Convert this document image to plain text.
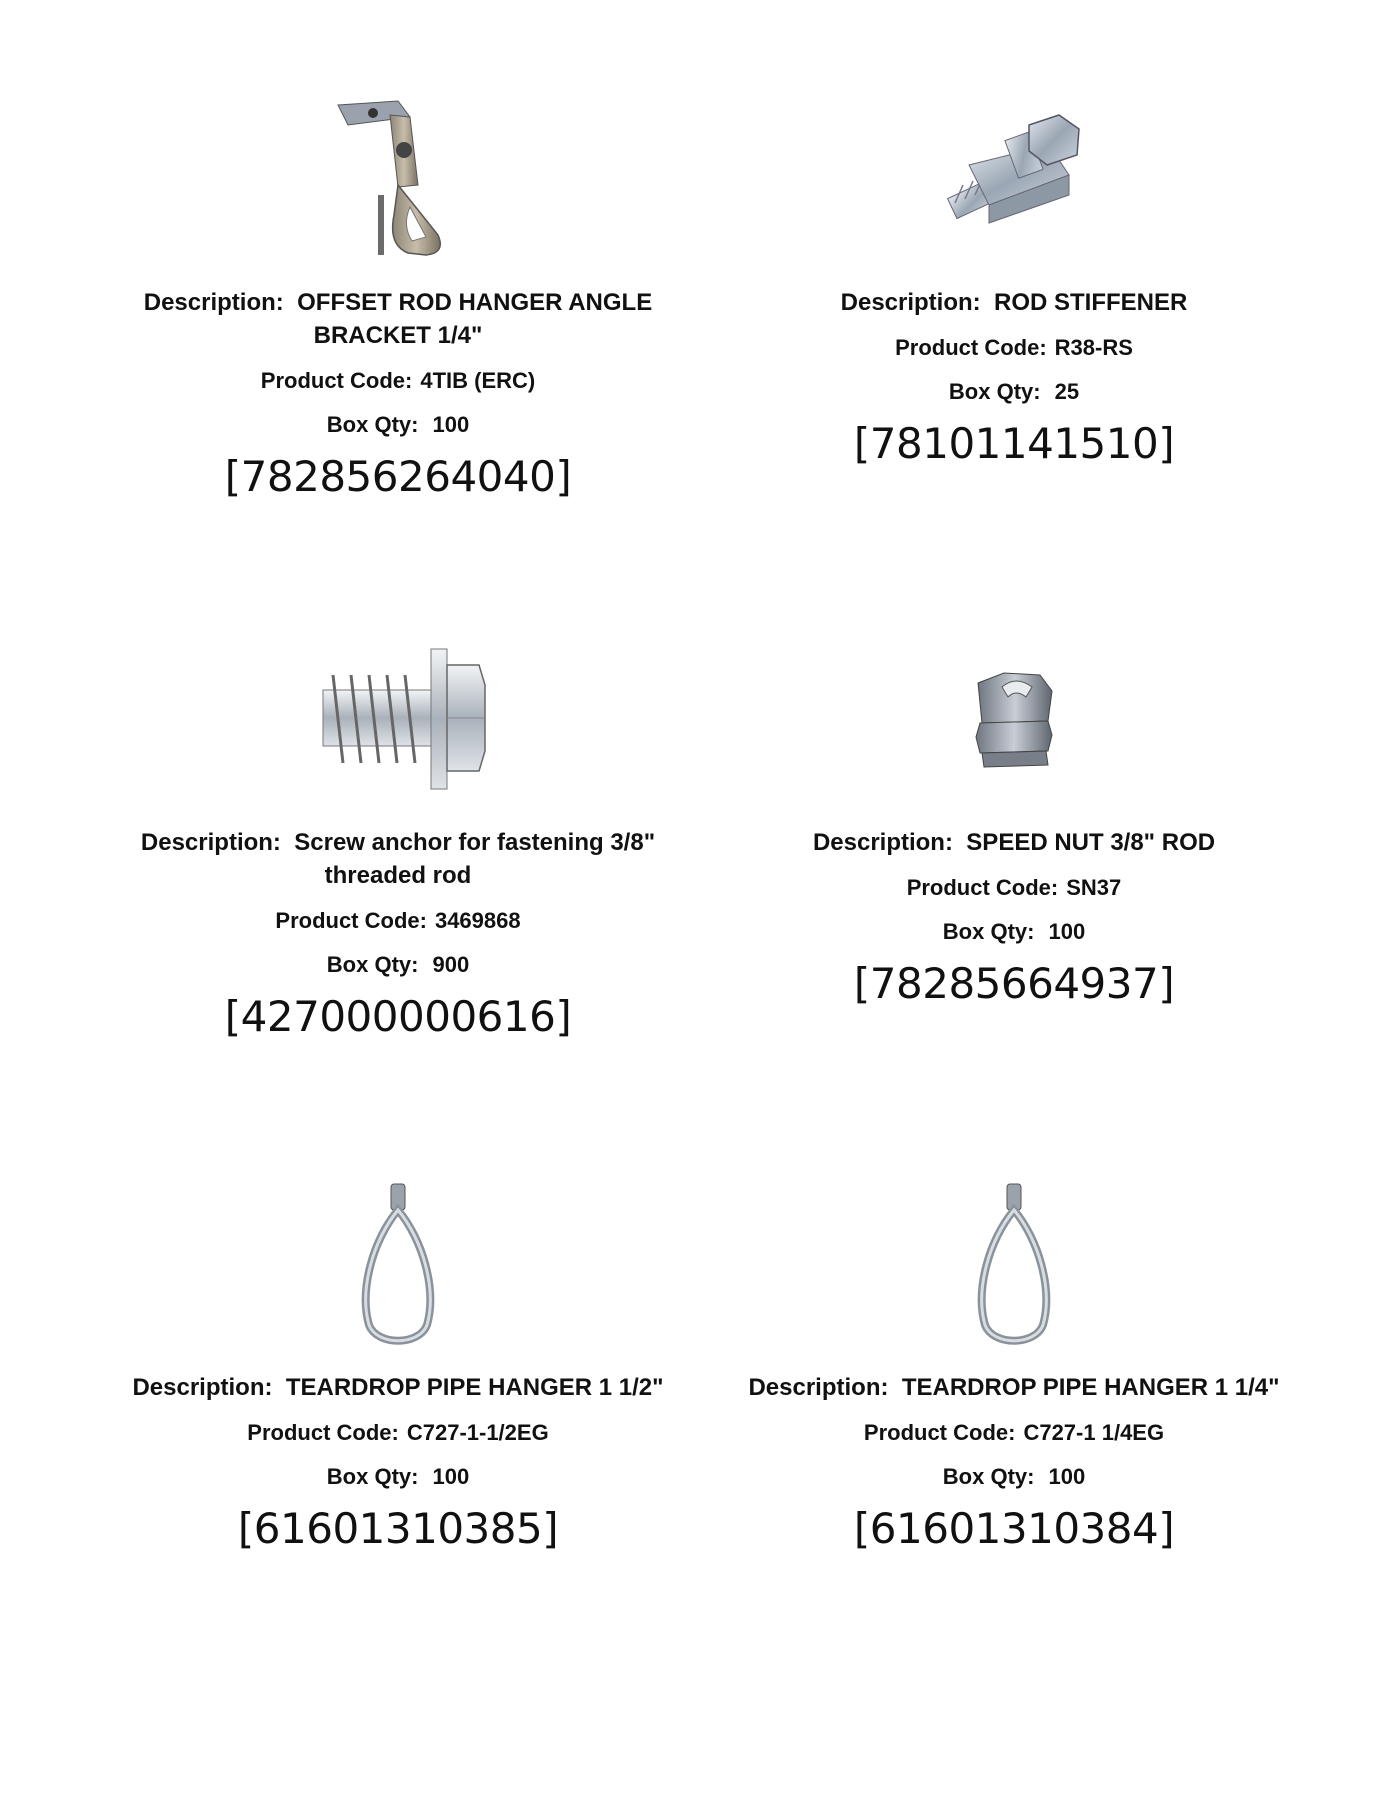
Description: OFFSET ROD HANGER ANGLE BRACKET 1/4"
Product Code: 4TIB (ERC)
Box Qty: 100
[782856264040]
Description: ROD STIFFENER
Product Code: R38-RS
Box Qty: 25
[78101141510]
Description: Screw anchor for fastening 3/8" threaded rod
Product Code: 3469868
Box Qty: 900
[427000000616]
Description: SPEED NUT 3/8" ROD
Product Code: SN37
Box Qty: 100
[78285664937]
Description: TEARDROP PIPE HANGER 1 1/2"
Product Code: C727-1-1/2EG
Box Qty: 100
[61601310385]
Description: TEARDROP PIPE HANGER 1 1/4"
Product Code: C727-1 1/4EG
Box Qty: 100
[61601310384]
